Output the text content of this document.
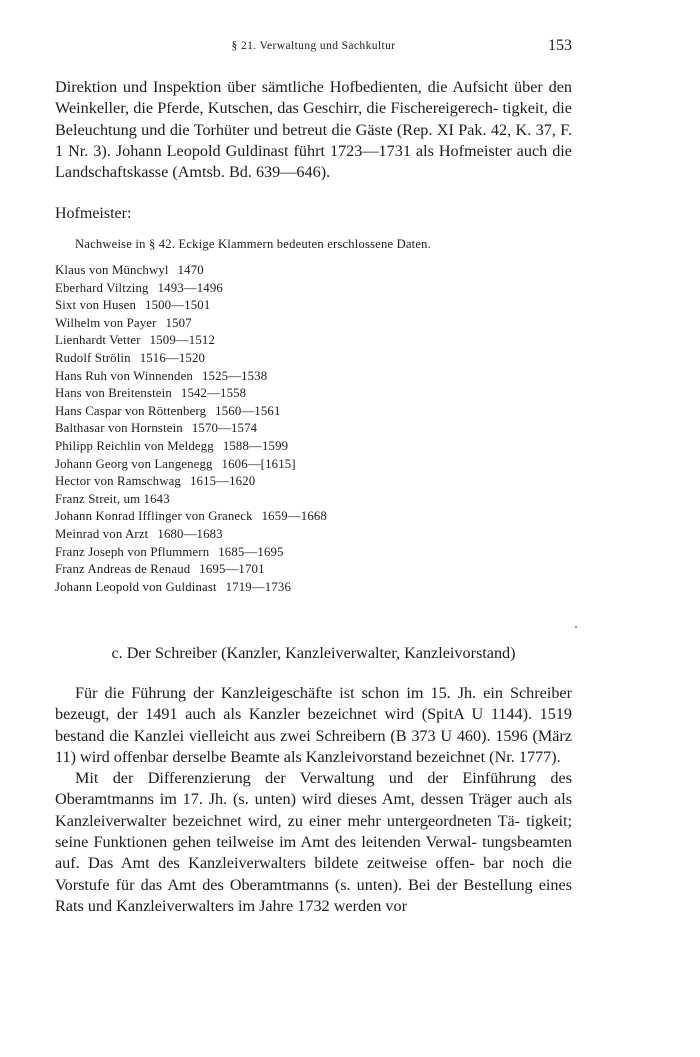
§ 21. Verwaltung und Sachkultur	153

Direktion und Inspektion über sämtliche Hofbedienten, die Aufsicht über den Weinkeller, die Pferde, Kutschen, das Geschirr, die Fischereigerech- tigkeit, die Beleuchtung und die Torhüter und betreut die Gäste (Rep. XI Pak. 42, K. 37, F. 1 Nr. 3). Johann Leopold Guldinast führt 1723—1731 als Hofmeister auch die Landschaftskasse (Amtsb. Bd. 639—646).

Hofmeister:

Nachweise in § 42. Eckige Klammern bedeuten erschlossene Daten.

Klaus von Münchwyl 1470
Eberhard Viltzing 1493—1496
Sixt von Husen 1500—1501
Wilhelm von Payer 1507
Lienhardt Vetter 1509—1512
Rudolf Strölin 1516—1520
Hans Ruh von Winnenden 1525—1538
Hans von Breitenstein 1542—1558
Hans Caspar von Röttenberg 1560—1561
Balthasar von Hornstein 1570—1574
Philipp Reichlin von Meldegg 1588—1599
Johann Georg von Langenegg 1606—[1615]
Hector von Ramschwag 1615—1620
Franz Streit, um 1643
Johann Konrad Ifflinger von Graneck 1659—1668
Meinrad von Arzt 1680—1683
Franz Joseph von Pflummern 1685—1695
Franz Andreas de Renaud 1695—1701
Johann Leopold von Guldinast 1719—1736

c. Der Schreiber (Kanzler, Kanzleiverwalter, Kanzleivorstand)

Für die Führung der Kanzleigeschäfte ist schon im 15. Jh. ein Schreiber bezeugt, der 1491 auch als Kanzler bezeichnet wird (SpitA U 1144). 1519 bestand die Kanzlei vielleicht aus zwei Schreibern (B 373 U 460). 1596 (März 11) wird offenbar derselbe Beamte als Kanzleivorstand bezeichnet (Nr. 1777).

Mit der Differenzierung der Verwaltung und der Einführung des Oberamtmanns im 17. Jh. (s. unten) wird dieses Amt, dessen Träger auch als Kanzleiverwalter bezeichnet wird, zu einer mehr untergeordneten Tä- tigkeit; seine Funktionen gehen teilweise im Amt des leitenden Verwal- tungsbeamten auf. Das Amt des Kanzleiverwalters bildete zeitweise offen- bar noch die Vorstufe für das Amt des Oberamtmanns (s. unten). Bei der Bestellung eines Rats und Kanzleiverwalters im Jahre 1732 werden vor
